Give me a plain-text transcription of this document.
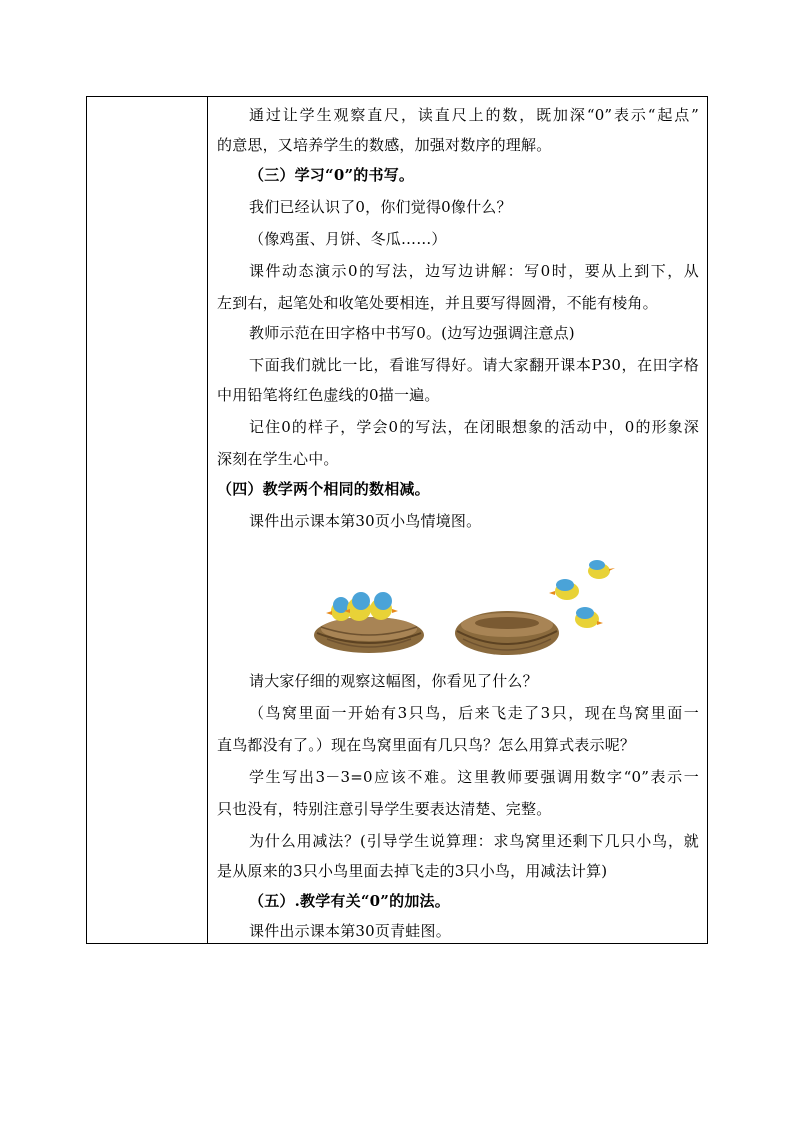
通过让学生观察直尺，读直尺上的数，既加深“0”表示“起点”
的意思，又培养学生的数感，加强对数序的理解。
（三）学习“0”的书写。
我们已经认识了0，你们觉得0像什么？
（像鸡蛋、月饼、冬瓜……）
课件动态演示0的写法，边写边讲解：写0时，要从上到下，从
左到右，起笔处和收笔处要相连，并且要写得圆滑，不能有棱角。
教师示范在田字格中书写0。(边写边强调注意点)
下面我们就比一比，看谁写得好。请大家翻开课本P30，在田字格
中用铅笔将红色虚线的0描一遍。
记住0的样子，学会0的写法，在闭眼想象的活动中，0的形象深
深刻在学生心中。
（四）教学两个相同的数相减。
课件出示课本第30页小鸟情境图。
请大家仔细的观察这幅图，你看见了什么？
（鸟窝里面一开始有3只鸟，后来飞走了3只，现在鸟窝里面一
直鸟都没有了。）现在鸟窝里面有几只鸟？怎么用算式表示呢？
学生写出3－3=0应该不难。这里教师要强调用数字“0”表示一
只也没有，特别注意引导学生要表达清楚、完整。
为什么用减法？(引导学生说算理：求鸟窝里还剩下几只小鸟，就
是从原来的3只小鸟里面去掉飞走的3只小鸟，用减法计算)
（五）.教学有关“0”的加法。
课件出示课本第30页青蛙图。
